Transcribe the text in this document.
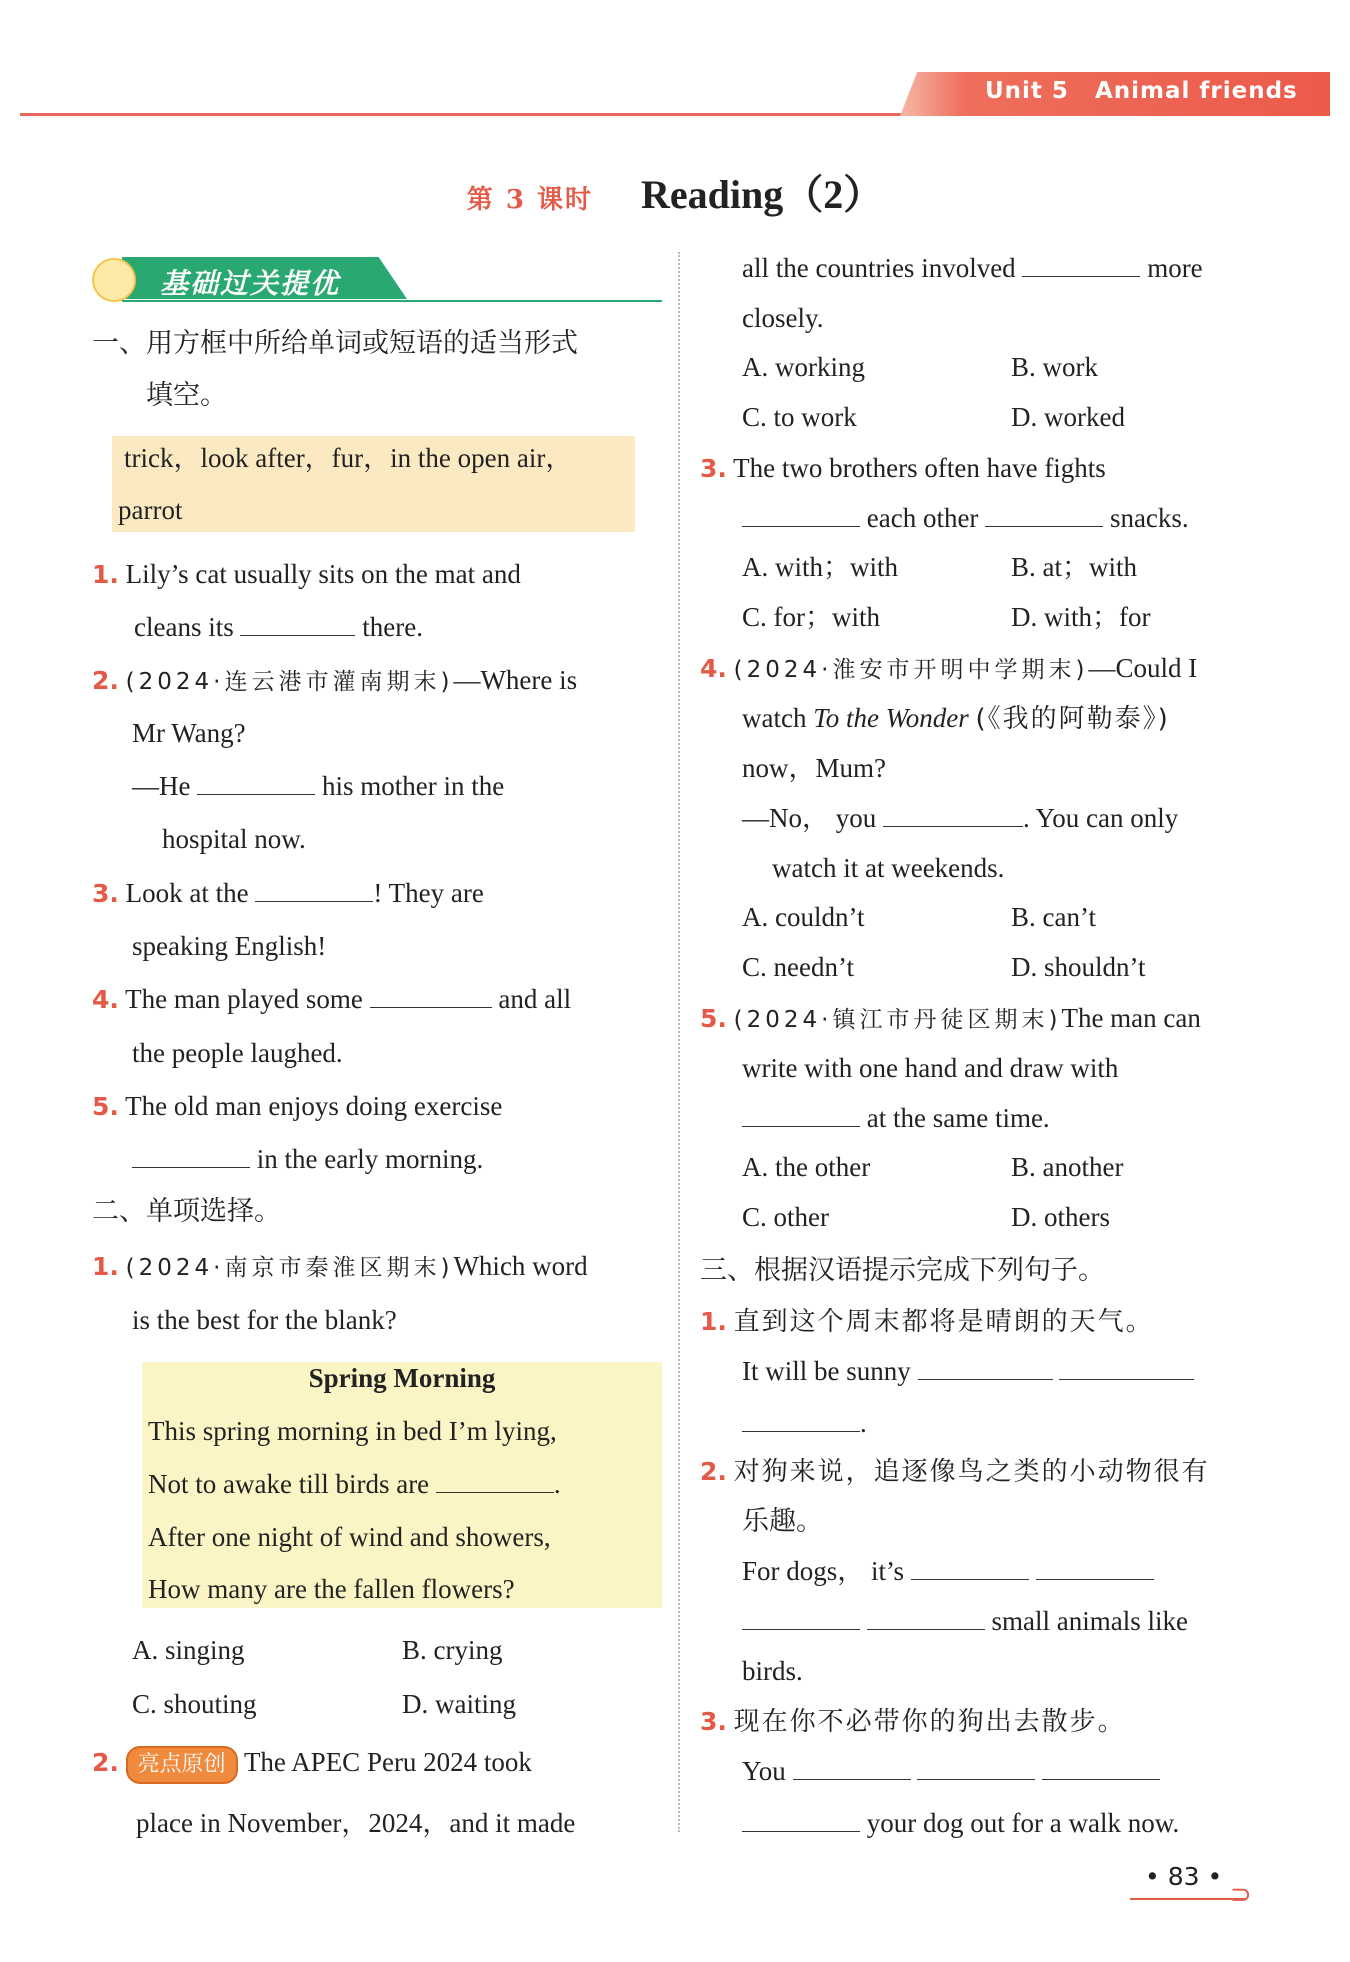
Unit 5 Animal friends
第 3 课时 Reading（2）
基础过关提优
一、用方框中所给单词或短语的适当形式
填空。
trick，look after，fur，in the open air，
parrot
1. Lily’s cat usually sits on the mat and
cleans its	there.
2. (2024·连云港市灌南期末)—Where is
Mr Wang?
—He	his mother in the
hospital now.
3. Look at the	! They are
speaking English!
4. The man played some	and all
the people laughed.
5. The old man enjoys doing exercise
in the early morning.
二、单项选择。
1. (2024·南京市秦淮区期末)Which word
is the best for the blank?
Spring Morning
This spring morning in bed I’m lying,
Not to awake till birds are	.
After one night of wind and showers,
How many are the fallen flowers?
A. singing	B. crying
C. shouting	D. waiting
2. 亮点原创 The APEC Peru 2024 took
place in November，2024，and it made
all the countries involved	more
closely.
A. working	B. work
C. to work	D. worked
3. The two brothers often have fights
each other	snacks.
A. with；with	B. at；with
C. for；with	D. with；for
4. (2024·淮安市开明中学期末)—Could I
watch To the Wonder (《我的阿勒泰》)
now，Mum?
—No， you	. You can only
watch it at weekends.
A. couldn’t	B. can’t
C. needn’t	D. shouldn’t
5. (2024·镇江市丹徒区期末)The man can
write with one hand and draw with
at the same time.
A. the other	B. another
C. other	D. others
三、根据汉语提示完成下列句子。
1. 直到这个周末都将是晴朗的天气。
It will be sunny
.
2. 对狗来说，追逐像鸟之类的小动物很有
乐趣。
For dogs， it’s
small animals like
birds.
3. 现在你不必带你的狗出去散步。
You
your dog out for a walk now.
• 83 •
⊃
